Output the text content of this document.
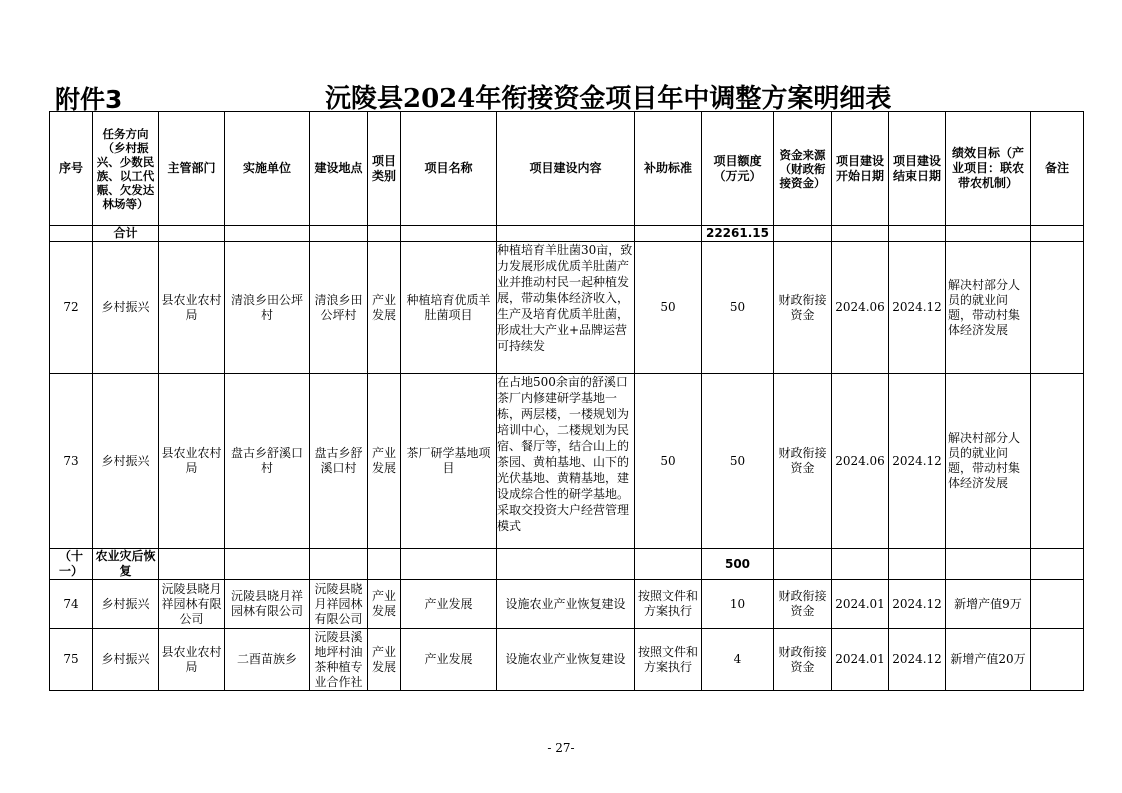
附件3	沅陵县2024年衔接资金项目年中调整方案明细表
序号	任务方向（乡村振兴、少数民族、以工代赈、欠发达林场等）	主管部门	实施单位	建设地点	项目类别	项目名称	项目建设内容	补助标准	项目额度（万元）	资金来源（财政衔接资金）	项目建设开始日期	项目建设结束日期	绩效目标（产业项目：联农带农机制）	备注
	合计								22261.15					
72	乡村振兴	县农业农村局	清浪乡田公坪村	清浪乡田公坪村	产业发展	种植培育优质羊肚菌项目	种植培育羊肚菌30亩，致力发展形成优质羊肚菌产业并推动村民一起种植发展，带动集体经济收入，生产及培育优质羊肚菌，形成壮大产业+品牌运营可持续发	50	50	财政衔接资金	2024.06	2024.12	解决村部分人员的就业问题，带动村集体经济发展	
73	乡村振兴	县农业农村局	盘古乡舒溪口村	盘古乡舒溪口村	产业发展	茶厂研学基地项目	在占地500余亩的舒溪口茶厂内修建研学基地一栋，两层楼，一楼规划为培训中心，二楼规划为民宿、餐厅等，结合山上的茶园、黄柏基地、山下的光伏基地、黄精基地，建设成综合性的研学基地。采取交投资大户经营管理模式	50	50	财政衔接资金	2024.06	2024.12	解决村部分人员的就业问题，带动村集体经济发展	
（十一）	农业灾后恢复								500					
74	乡村振兴	沅陵县晓月祥园林有限公司	沅陵县晓月祥园林有限公司	沅陵县晓月祥园林有限公司	产业发展	产业发展	设施农业产业恢复建设	按照文件和方案执行	10	财政衔接资金	2024.01	2024.12	新增产值9万	
75	乡村振兴	县农业农村局	二酉苗族乡	沅陵县溪地坪村油茶种植专业合作社	产业发展	产业发展	设施农业产业恢复建设	按照文件和方案执行	4	财政衔接资金	2024.01	2024.12	新增产值20万	
- 27-
